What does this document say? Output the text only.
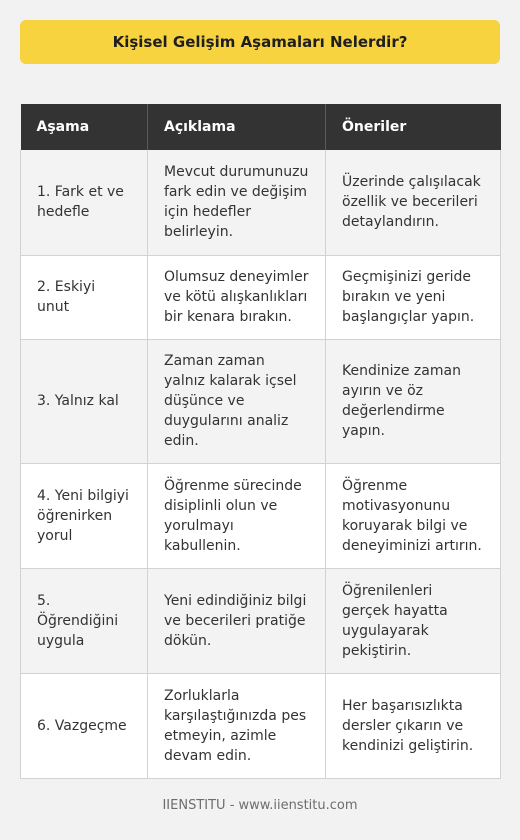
Kişisel Gelişim Aşamaları Nelerdir?
Aşama	Açıklama	Öneriler
1. Fark et ve hedefle	Mevcut durumunuzu fark edin ve değişim için hedefler belirleyin.	Üzerinde çalışılacak özellik ve becerileri detaylandırın.
2. Eskiyi unut	Olumsuz deneyimler ve kötü alışkanlıkları bir kenara bırakın.	Geçmişinizi geride bırakın ve yeni başlangıçlar yapın.
3. Yalnız kal	Zaman zaman yalnız kalarak içsel düşünce ve duygularını analiz edin.	Kendinize zaman ayırın ve öz değerlendirme yapın.
4. Yeni bilgiyi öğrenirken yorul	Öğrenme sürecinde disiplinli olun ve yorulmayı kabullenin.	Öğrenme motivasyonunu koruyarak bilgi ve deneyiminizi artırın.
5. Öğrendiğini uygula	Yeni edindiğiniz bilgi ve becerileri pratiğe dökün.	Öğrenilenleri gerçek hayatta uygulayarak pekiştirin.
6. Vazgeçme	Zorluklarla karşılaştığınızda pes etmeyin, azimle devam edin.	Her başarısızlıkta dersler çıkarın ve kendinizi geliştirin.
IIENSTITU - www.iienstitu.com
